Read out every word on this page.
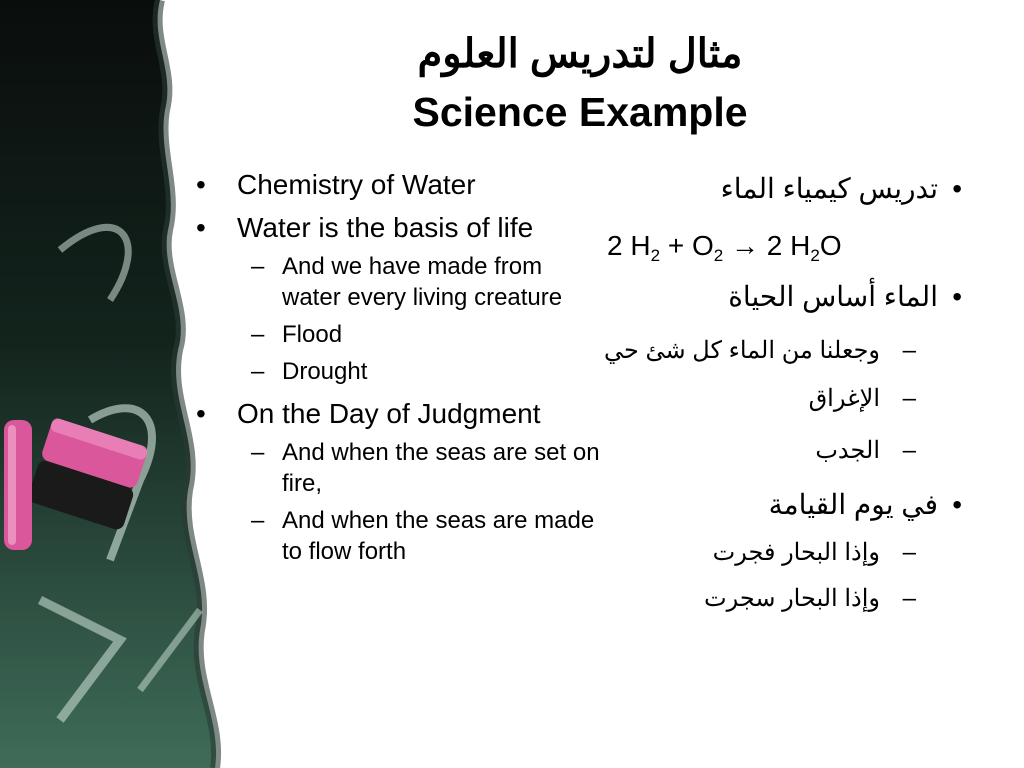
مثال لتدريس العلوم
Science Example
•	Chemistry of Water
•	Water is the basis of life
– And we have made from water every living creature
– Flood
– Drought
•	On the Day of Judgment
– And when the seas are set on fire,
– And when the seas are made to flow forth
•
تدريس كيمياء الماء
•
الماء أساس الحياة
–
وجعلنا من الماء كل شئ حي
–
الإغراق
–
الجدب
•
في يوم القيامة
–
وإذا البحار فجرت
–
وإذا البحار سجرت
2 $H_2 + O_2 \to 2$ $H_2O$
